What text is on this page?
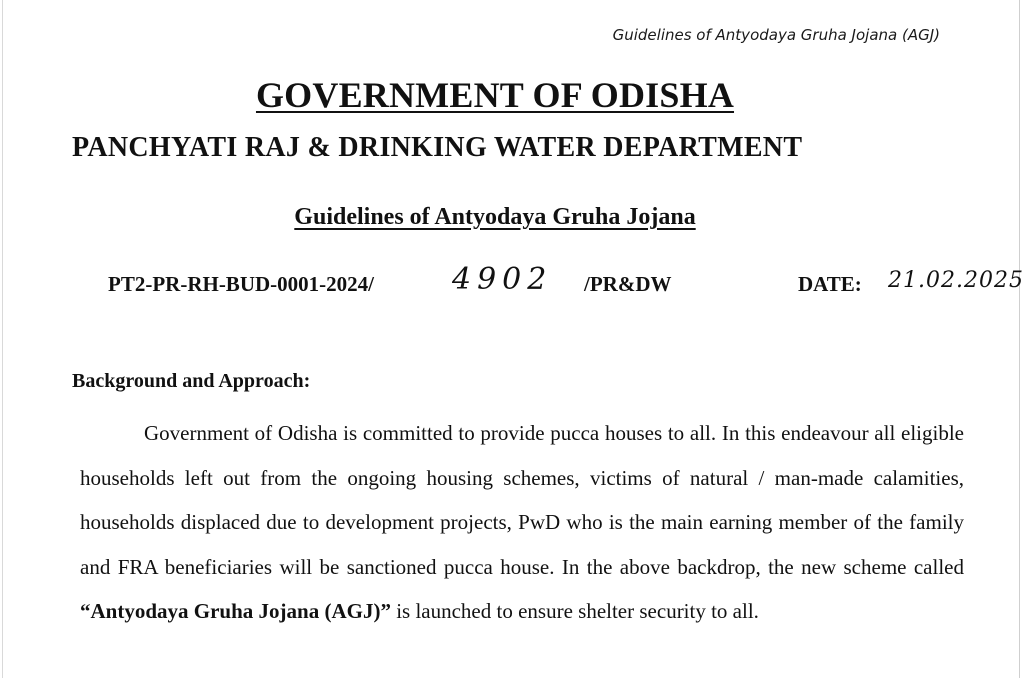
Guidelines of Antyodaya Gruha Jojana (AGJ)
GOVERNMENT OF ODISHA
PANCHYATI RAJ & DRINKING WATER DEPARTMENT
Guidelines of Antyodaya Gruha Jojana
PT2-PR-RH-BUD-0001-2024/	4902 /PR&DW	DATE: 21.02.2025
Background and Approach:

Government of Odisha is committed to provide pucca houses to all. In this endeavour all eligible households left out from the ongoing housing schemes, victims of natural / man-made calamities, households displaced due to development projects, PwD who is the main earning member of the family and FRA beneficiaries will be sanctioned pucca house. In the above backdrop, the new scheme called “Antyodaya Gruha Jojana (AGJ)” is launched to ensure shelter security to all.
